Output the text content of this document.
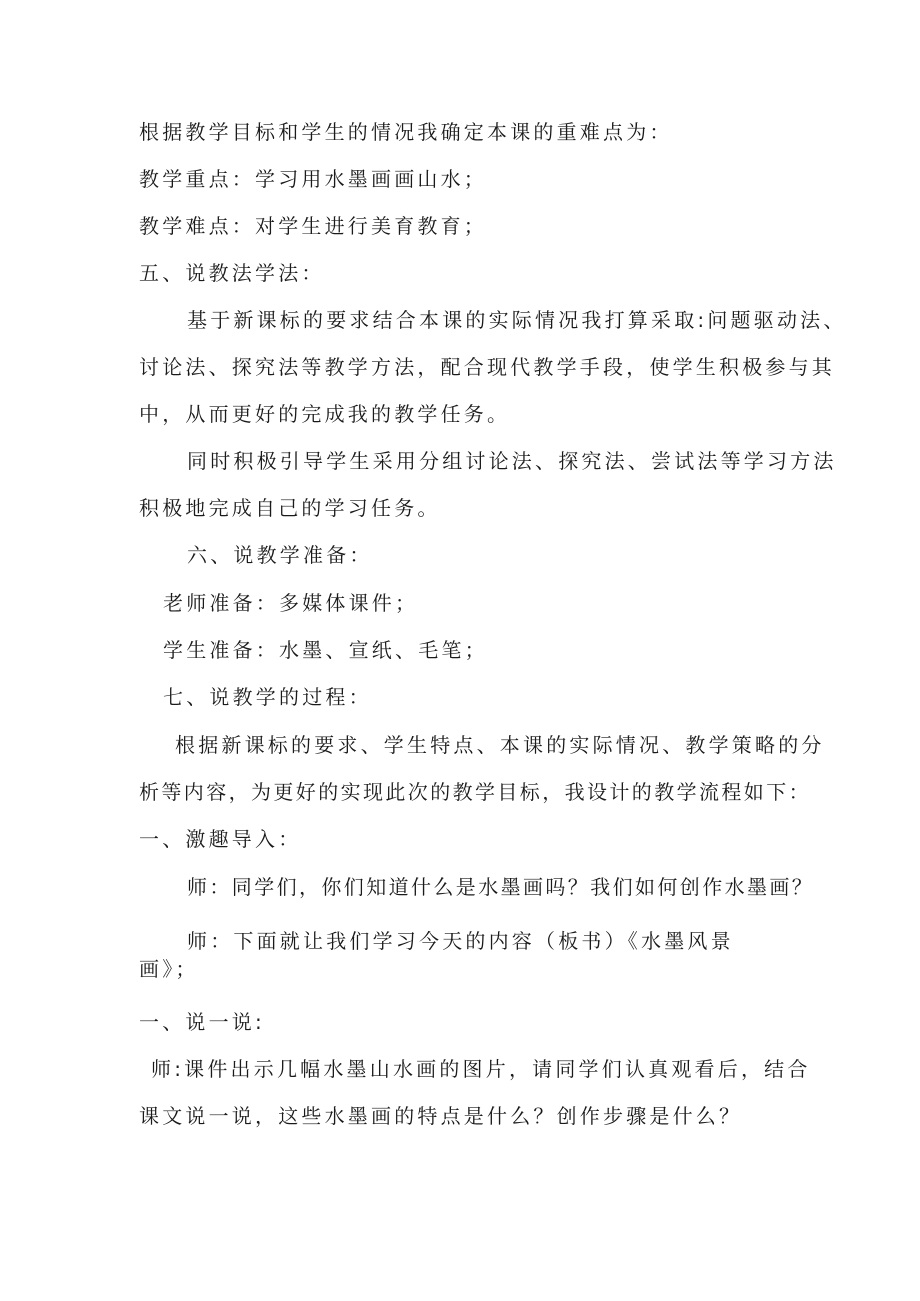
根据教学目标和学生的情况我确定本课的重难点为：

教学重点：学习用水墨画画山水；

教学难点：对学生进行美育教育；

五、说教法学法：

基于新课标的要求结合本课的实际情况我打算采取:问题驱动法、

讨论法、探究法等教学方法，配合现代教学手段，使学生积极参与其

中，从而更好的完成我的教学任务。

同时积极引导学生采用分组讨论法、探究法、尝试法等学习方法

积极地完成自己的学习任务。

六、说教学准备：

老师准备：多媒体课件；

学生准备：水墨、宣纸、毛笔；

七、说教学的过程：

根据新课标的要求、学生特点、本课的实际情况、教学策略的分

析等内容，为更好的实现此次的教学目标，我设计的教学流程如下：

一、激趣导入：

师：同学们，你们知道什么是水墨画吗？我们如何创作水墨画？

师：下面就让我们学习今天的内容（板书）《水墨风景

画》；

一、说一说:

师:课件出示几幅水墨山水画的图片，请同学们认真观看后，结合

课文说一说，这些水墨画的特点是什么？创作步骤是什么？
